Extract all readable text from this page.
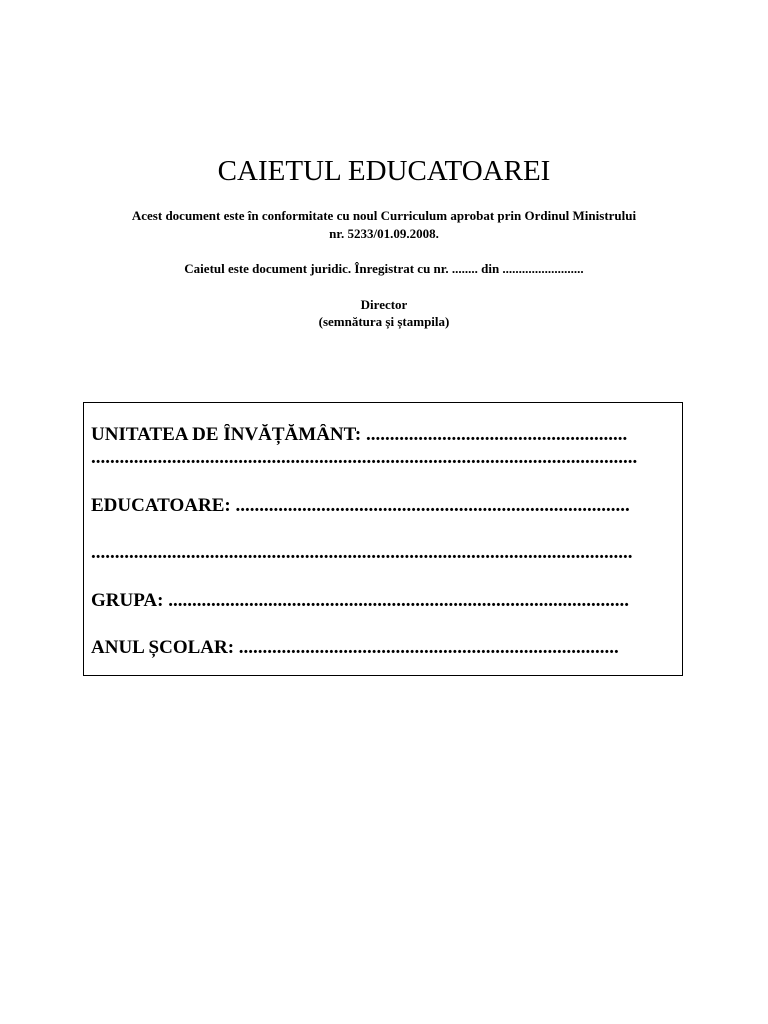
CAIETUL EDUCATOAREI

Acest document este în conformitate cu noul Curriculum aprobat prin Ordinul Ministrului
nr. 5233/01.09.2008.

Caietul este document juridic. Înregistrat cu nr. ........ din .........................

Director
(semnătura și ștampila)

UNITATEA DE ÎNVĂȚĂMÂNT: .......................................................

...................................................................................................................

EDUCATOARE: ...................................................................................

..................................................................................................................

GRUPA: .................................................................................................

ANUL ȘCOLAR: ................................................................................
